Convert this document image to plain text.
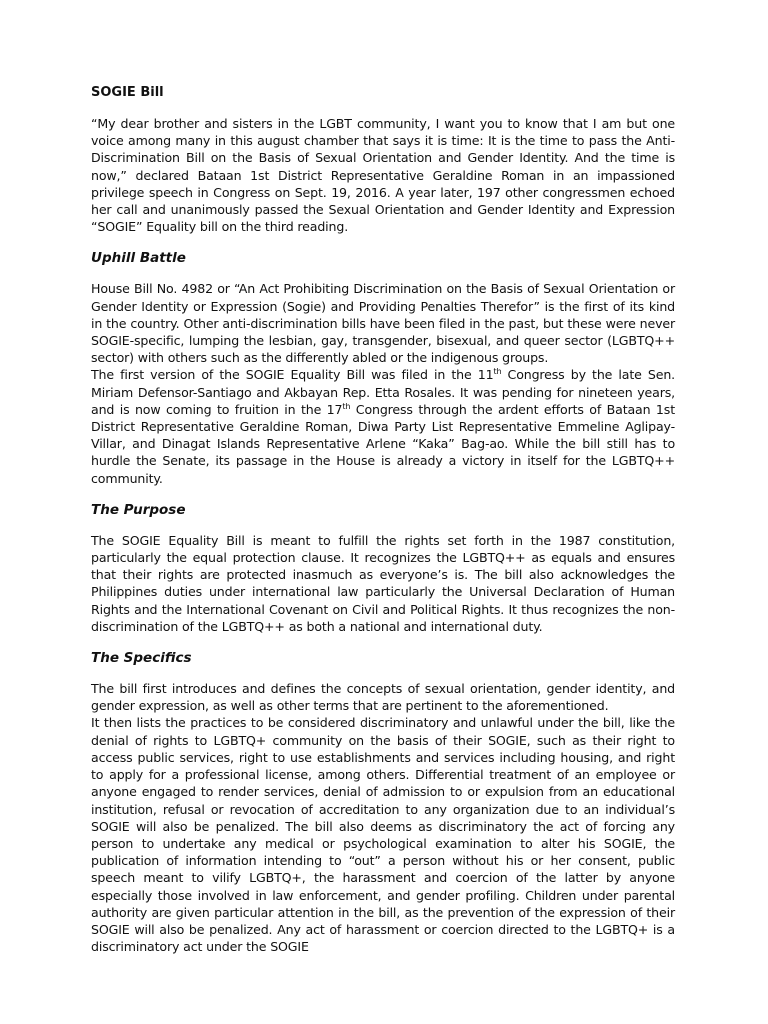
SOGIE Bill

“My dear brother and sisters in the LGBT community, I want you to know that I am but one voice among many in this august chamber that says it is time: It is the time to pass the Anti-Discrimination Bill on the Basis of Sexual Orientation and Gender Identity. And the time is now,” declared Bataan 1st District Representative Geraldine Roman in an impassioned privilege speech in Congress on Sept. 19, 2016. A year later, 197 other congressmen echoed her call and unanimously passed the Sexual Orientation and Gender Identity and Expression “SOGIE” Equality bill on the third reading.

Uphill Battle

House Bill No. 4982 or “An Act Prohibiting Discrimination on the Basis of Sexual Orientation or Gender Identity or Expression (Sogie) and Providing Penalties Therefor” is the first of its kind in the country. Other anti-discrimination bills have been filed in the past, but these were never SOGIE-specific, lumping the lesbian, gay, transgender, bisexual, and queer sector (LGBTQ++ sector) with others such as the differently abled or the indigenous groups.

The first version of the SOGIE Equality Bill was filed in the 11th Congress by the late Sen. Miriam Defensor-Santiago and Akbayan Rep. Etta Rosales. It was pending for nineteen years, and is now coming to fruition in the 17th Congress through the ardent efforts of Bataan 1st District Representative Geraldine Roman, Diwa Party List Representative Emmeline Aglipay-Villar, and Dinagat Islands Representative Arlene “Kaka” Bag-ao. While the bill still has to hurdle the Senate, its passage in the House is already a victory in itself for the LGBTQ++ community.

The Purpose

The SOGIE Equality Bill is meant to fulfill the rights set forth in the 1987 constitution, particularly the equal protection clause. It recognizes the LGBTQ++ as equals and ensures that their rights are protected inasmuch as everyone’s is. The bill also acknowledges the Philippines duties under international law particularly the Universal Declaration of Human Rights and the International Covenant on Civil and Political Rights. It thus recognizes the non-discrimination of the LGBTQ++ as both a national and international duty.

The Specifics

The bill first introduces and defines the concepts of sexual orientation, gender identity, and gender expression, as well as other terms that are pertinent to the aforementioned.

It then lists the practices to be considered discriminatory and unlawful under the bill, like the denial of rights to LGBTQ+ community on the basis of their SOGIE, such as their right to access public services, right to use establishments and services including housing, and right to apply for a professional license, among others. Differential treatment of an employee or anyone engaged to render services, denial of admission to or expulsion from an educational institution, refusal or revocation of accreditation to any organization due to an individual’s SOGIE will also be penalized. The bill also deems as discriminatory the act of forcing any person to undertake any medical or psychological examination to alter his SOGIE, the publication of information intending to “out” a person without his or her consent, public speech meant to vilify LGBTQ+, the harassment and coercion of the latter by anyone especially those involved in law enforcement, and gender profiling. Children under parental authority are given particular attention in the bill, as the prevention of the expression of their SOGIE will also be penalized. Any act of harassment or coercion directed to the LGBTQ+ is a discriminatory act under the SOGIE
